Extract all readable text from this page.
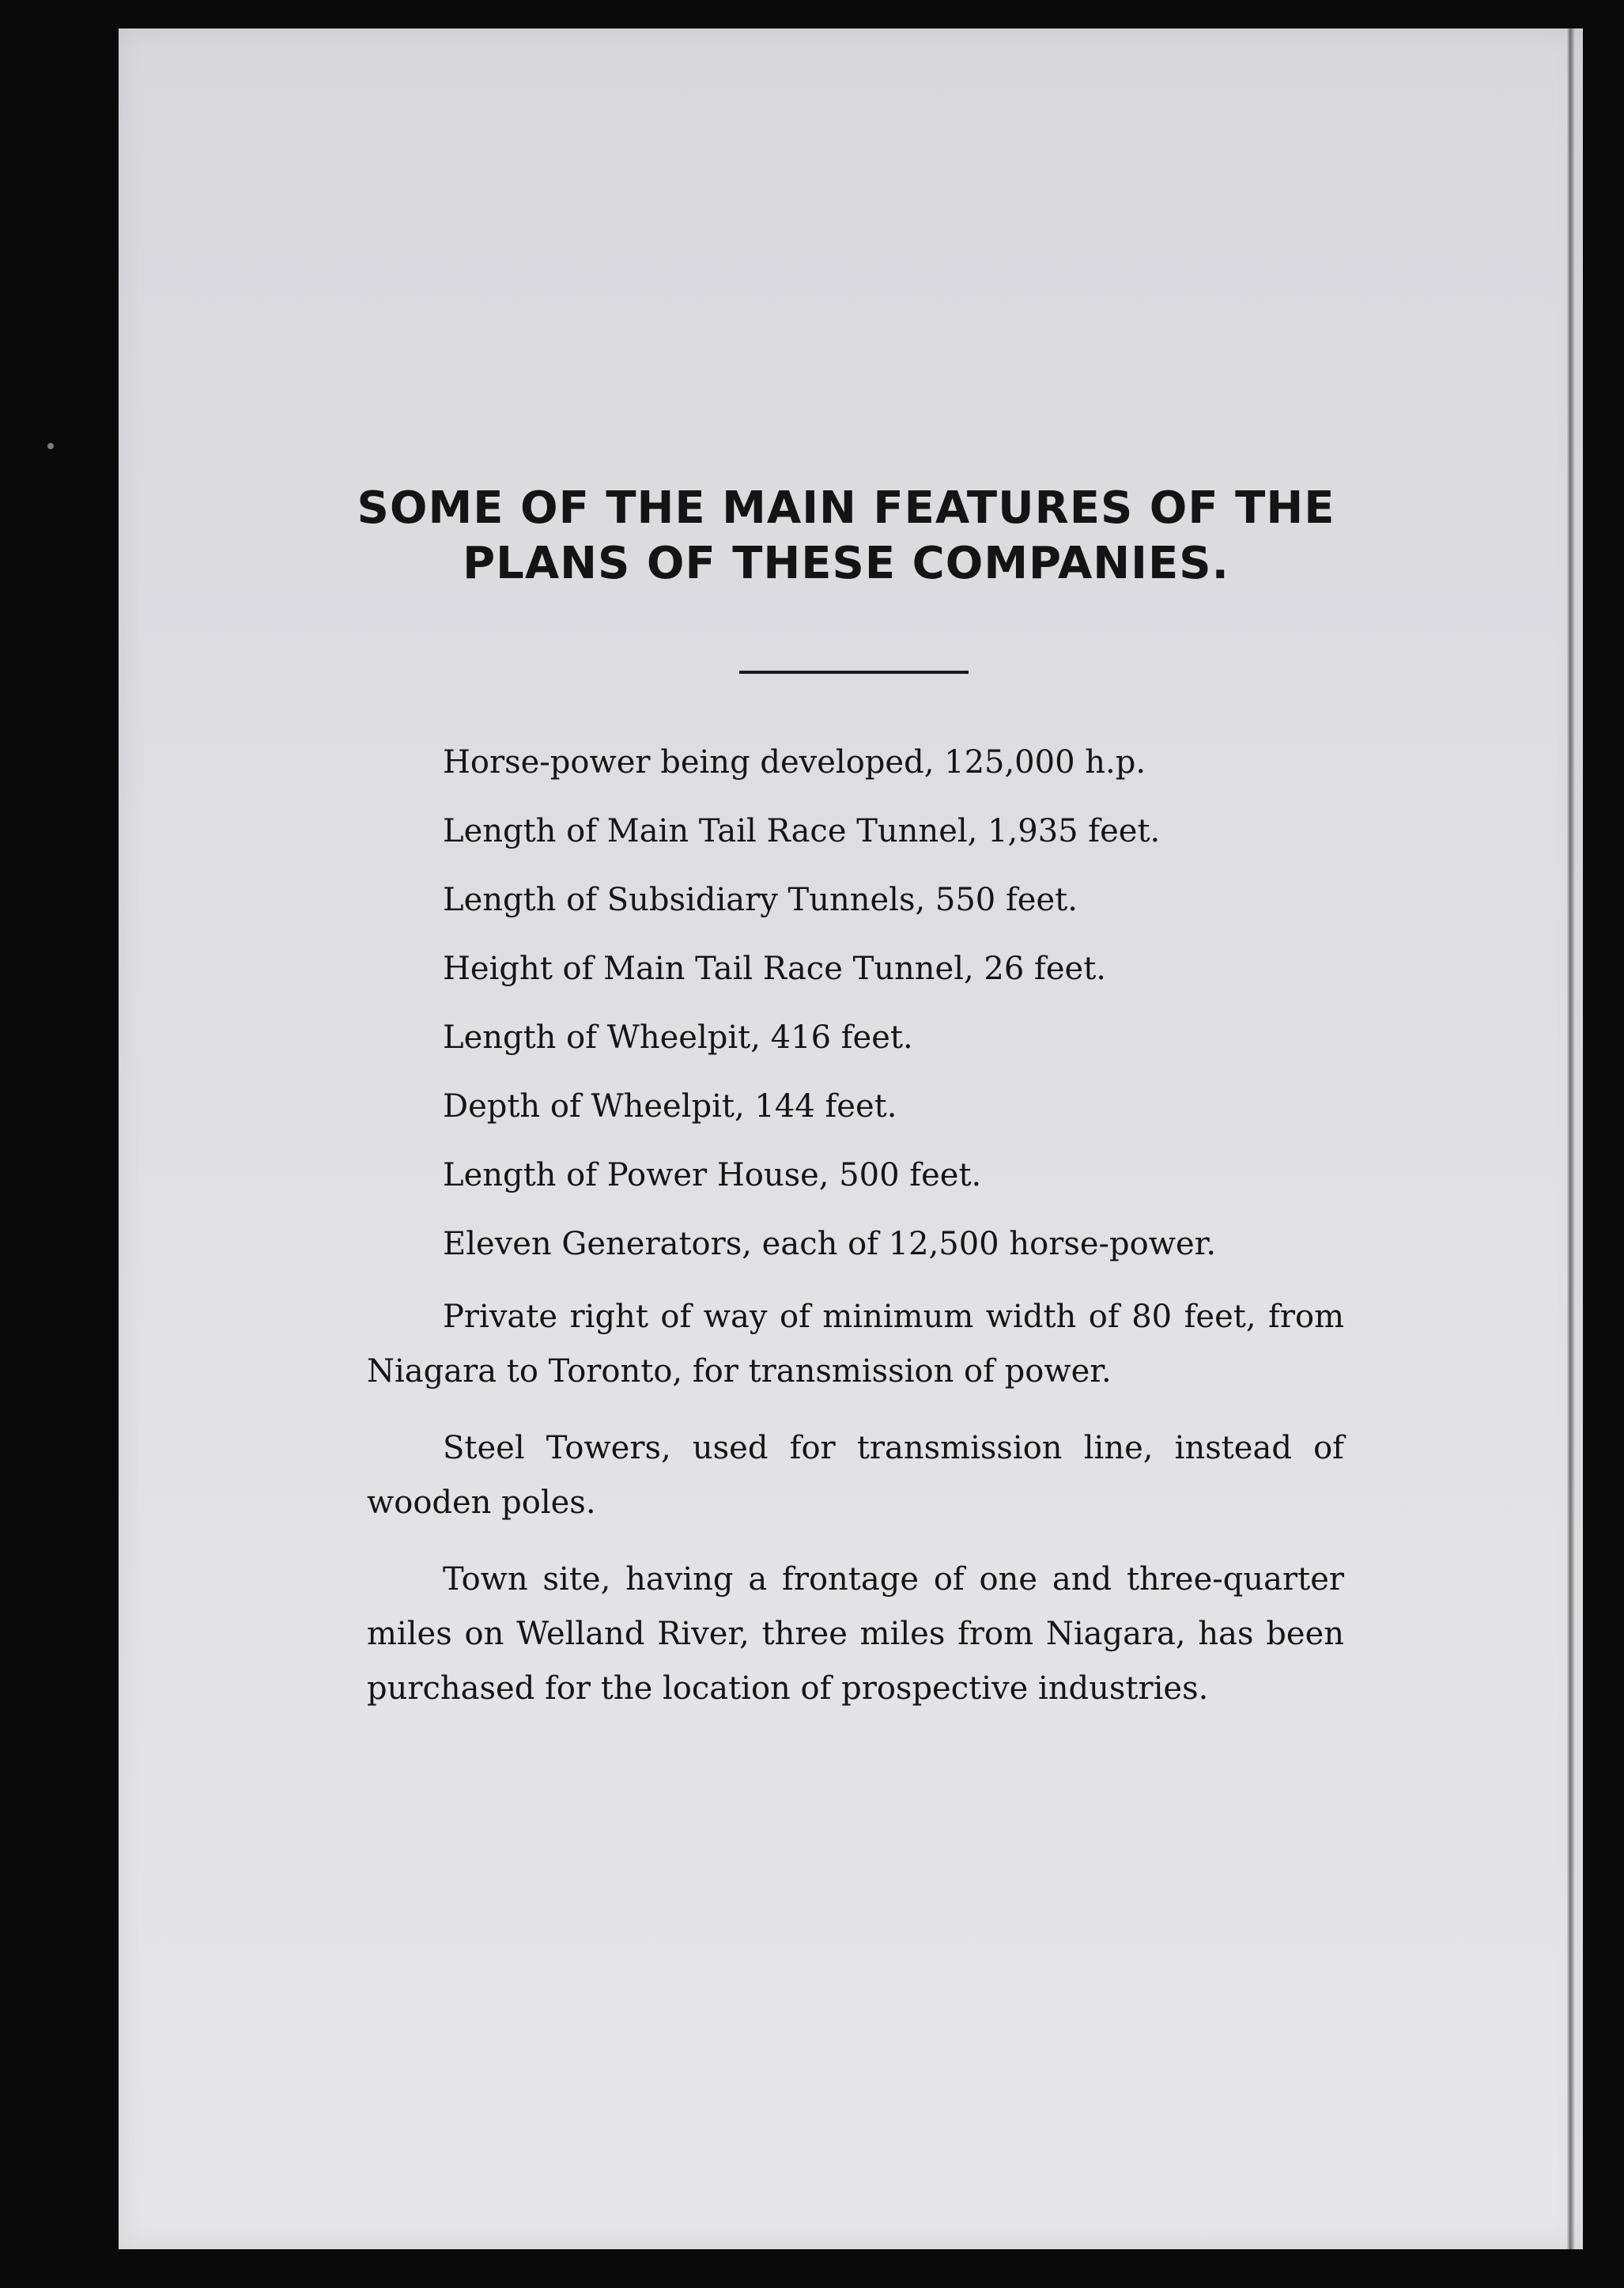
SOME OF THE MAIN FEATURES OF THE
PLANS OF THESE COMPANIES.
Horse-power being developed, 125,000 h.p.
Length of Main Tail Race Tunnel, 1,935 feet.
Length of Subsidiary Tunnels, 550 feet.
Height of Main Tail Race Tunnel, 26 feet.
Length of Wheelpit, 416 feet.
Depth of Wheelpit, 144 feet.
Length of Power House, 500 feet.
Eleven Generators, each of 12,500 horse-power.

Private right of way of minimum width of 80 feet, from Niagara to Toronto, for transmission of power.

Steel Towers, used for transmission line, instead of wooden poles.

Town site, having a frontage of one and three-quarter miles on Welland River, three miles from Niagara, has been purchased for the location of prospective industries.
